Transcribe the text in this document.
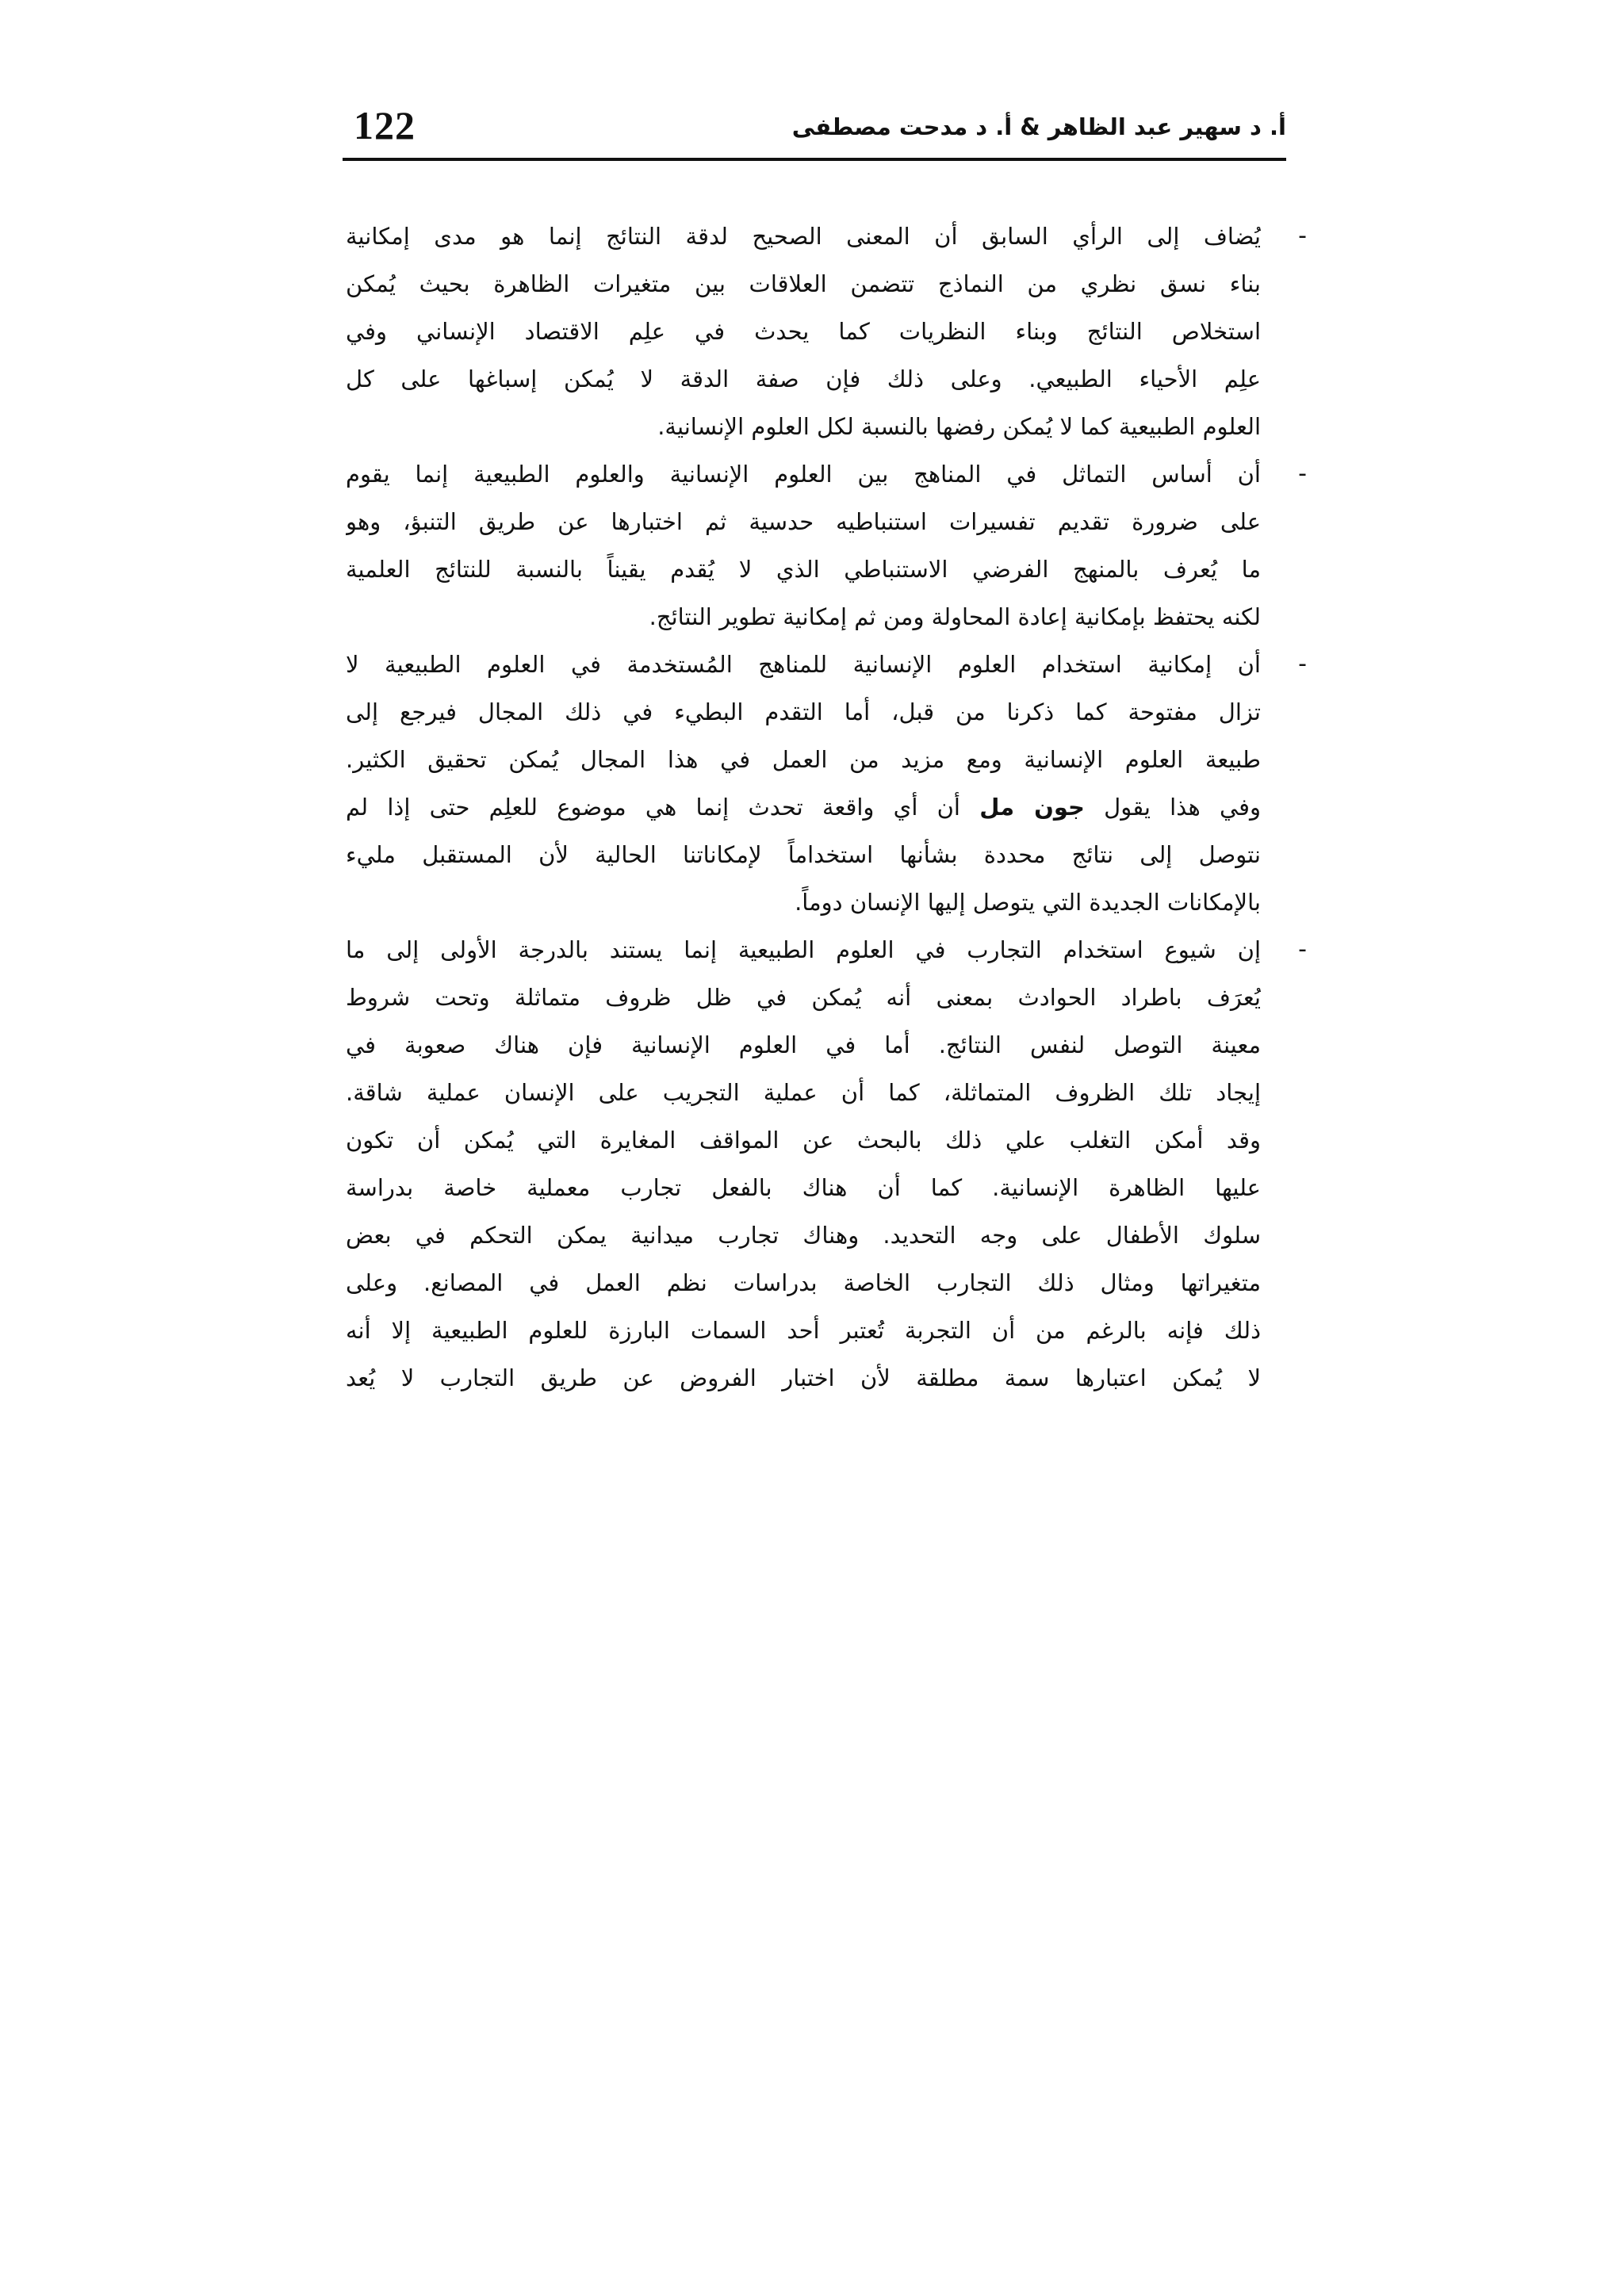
122	أ. د سهير عبد الظاهر & أ. د مدحت مصطفى
-
يُضاف إلى الرأي السابق أن المعنى الصحيح لدقة النتائج إنما هو مدى إمكانية
بناء نسق نظري من النماذج تتضمن العلاقات بين متغيرات الظاهرة بحيث يُمكن
استخلاص النتائج وبناء النظريات كما يحدث في علِم الاقتصاد الإنساني وفي
علِم الأحياء الطبيعي. وعلى ذلك فإن صفة الدقة لا يُمكن إسباغها على كل
العلوم الطبيعية كما لا يُمكن رفضها بالنسبة لكل العلوم الإنسانية.
-
أن أساس التماثل في المناهج بين العلوم الإنسانية والعلوم الطبيعية إنما يقوم
على ضرورة تقديم تفسيرات استنباطيه حدسية ثم اختبارها عن طريق التنبؤ، وهو
ما يُعرف بالمنهج الفرضي الاستنباطي الذي لا يُقدم يقيناً بالنسبة للنتائج العلمية
لكنه يحتفظ بإمكانية إعادة المحاولة ومن ثم إمكانية تطوير النتائج.
-
أن إمكانية استخدام العلوم الإنسانية للمناهج المُستخدمة في العلوم الطبيعية لا
تزال مفتوحة كما ذكرنا من قبل، أما التقدم البطيء في ذلك المجال فيرجع إلى
طبيعة العلوم الإنسانية ومع مزيد من العمل في هذا المجال يُمكن تحقيق الكثير.
وفي هذا يقول جون مل أن أي واقعة تحدث إنما هي موضوع للعلِم حتى إذا لم
نتوصل إلى نتائج محددة بشأنها استخداماً لإمكاناتنا الحالية لأن المستقبل مليء
بالإمكانات الجديدة التي يتوصل إليها الإنسان دوماً.
-
إن شيوع استخدام التجارب في العلوم الطبيعية إنما يستند بالدرجة الأولى إلى ما
يُعرَف باطراد الحوادث بمعنى أنه يُمكن في ظل ظروف متماثلة وتحت شروط
معينة التوصل لنفس النتائج. أما في العلوم الإنسانية فإن هناك صعوبة في
إيجاد تلك الظروف المتماثلة، كما أن عملية التجريب على الإنسان عملية شاقة.
وقد أمكن التغلب علي ذلك بالبحث عن المواقف المغايرة التي يُمكن أن تكون
عليها الظاهرة الإنسانية. كما أن هناك بالفعل تجارب معملية خاصة بدراسة
سلوك الأطفال على وجه التحديد. وهناك تجارب ميدانية يمكن التحكم في بعض
متغيراتها ومثال ذلك التجارب الخاصة بدراسات نظم العمل في المصانع. وعلى
ذلك فإنه بالرغم من أن التجربة تُعتبر أحد السمات البارزة للعلوم الطبيعية إلا أنه
لا يُمكن اعتبارها سمة مطلقة لأن اختبار الفروض عن طريق التجارب لا يُعد
